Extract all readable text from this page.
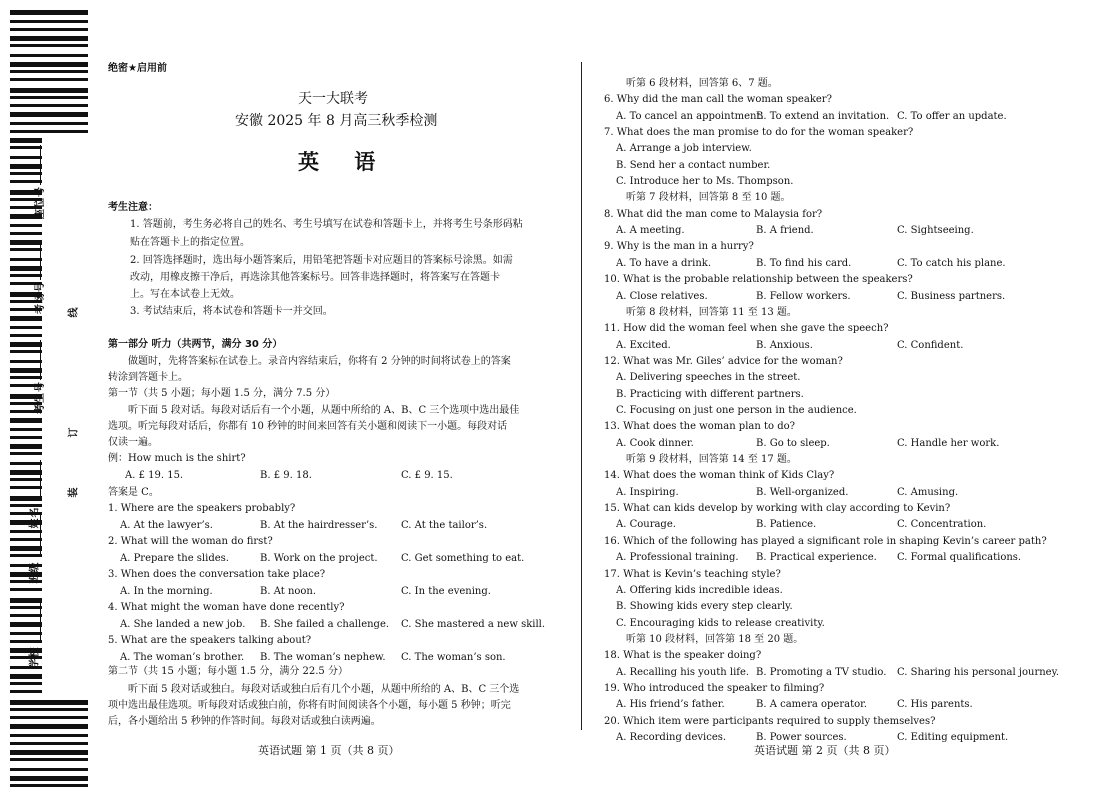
座位号
考场号
考生号
姓名
班级
学校
线
订
装
绝密★启用前
天一大联考
安徽 2025 年 8 月高三秋季检测
英 语
考生注意：
1. 答题前，考生务必将自己的姓名、考生号填写在试卷和答题卡上，并将考生号条形码粘
贴在答题卡上的指定位置。
2. 回答选择题时，选出每小题答案后，用铅笔把答题卡对应题目的答案标号涂黑。如需
改动，用橡皮擦干净后，再选涂其他答案标号。回答非选择题时，将答案写在答题卡
上。写在本试卷上无效。
3. 考试结束后，将本试卷和答题卡一并交回。
第一部分 听力（共两节，满分 30 分）
做题时，先将答案标在试卷上。录音内容结束后，你将有 2 分钟的时间将试卷上的答案
转涂到答题卡上。
第一节（共 5 小题；每小题 1.5 分，满分 7.5 分）
听下面 5 段对话。每段对话后有一个小题，从题中所给的 A、B、C 三个选项中选出最佳
选项。听完每段对话后，你都有 10 秒钟的时间来回答有关小题和阅读下一小题。每段对话
仅读一遍。
例：How much is the shirt?
A. £ 19. 15.	B. £ 9. 18.	C. £ 9. 15.
答案是 C。
1. Where are the speakers probably?
A. At the lawyer’s.	B. At the hairdresser’s. C. At the tailor’s.
2. What will the woman do first?
A. Prepare the slides.	B. Work on the project. C. Get something to eat.
3. When does the conversation take place?
A. In the morning.	B. At noon.	C. In the evening.
4. What might the woman have done recently?
A. She landed a new job. B. She failed a challenge. C. She mastered a new skill.
5. What are the speakers talking about?
A. The woman’s brother. B. The woman’s nephew. C. The woman’s son.
第二节（共 15 小题；每小题 1.5 分，满分 22.5 分）
听下面 5 段对话或独白。每段对话或独白后有几个小题，从题中所给的 A、B、C 三个选
项中选出最佳选项。听每段对话或独白前，你将有时间阅读各个小题，每小题 5 秒钟；听完
后，各小题给出 5 秒钟的作答时间。每段对话或独白读两遍。
英语试题 第 1 页（共 8 页）
听第 6 段材料，回答第 6、7 题。
6. Why did the man call the woman speaker?
A. To cancel an appointment.
B. To extend an invitation. C. To offer an update.
7. What does the man promise to do for the woman speaker?
A. Arrange a job interview.
B. Send her a contact number.
C. Introduce her to Ms. Thompson.
听第 7 段材料，回答第 8 至 10 题。
8. What did the man come to Malaysia for?
A. A meeting.	B. A friend.	C. Sightseeing.
9. Why is the man in a hurry?
A. To have a drink.	B. To find his card.	C. To catch his plane.
10. What is the probable relationship between the speakers?
A. Close relatives.	B. Fellow workers.	C. Business partners.
听第 8 段材料，回答第 11 至 13 题。
11. How did the woman feel when she gave the speech?
A. Excited.	B. Anxious.	C. Confident.
12. What was Mr. Giles’ advice for the woman?
A. Delivering speeches in the street.
B. Practicing with different partners.
C. Focusing on just one person in the audience.
13. What does the woman plan to do?
A. Cook dinner.	B. Go to sleep.	C. Handle her work.
听第 9 段材料，回答第 14 至 17 题。
14. What does the woman think of Kids Clay?
A. Inspiring.	B. Well-organized.	C. Amusing.
15. What can kids develop by working with clay according to Kevin?
A. Courage.	B. Patience.	C. Concentration.
16. Which of the following has played a significant role in shaping Kevin’s career path?
A. Professional training. B. Practical experience. C. Formal qualifications.
17. What is Kevin’s teaching style?
A. Offering kids incredible ideas.
B. Showing kids every step clearly.
C. Encouraging kids to release creativity.
听第 10 段材料，回答第 18 至 20 题。
18. What is the speaker doing?
A. Recalling his youth life. B. Promoting a TV studio. C. Sharing his personal journey.
19. Who introduced the speaker to filming?
A. His friend’s father.	B. A camera operator.	C. His parents.
20. Which item were participants required to supply themselves?
A. Recording devices.	B. Power sources.	C. Editing equipment.
英语试题 第 2 页（共 8 页）
